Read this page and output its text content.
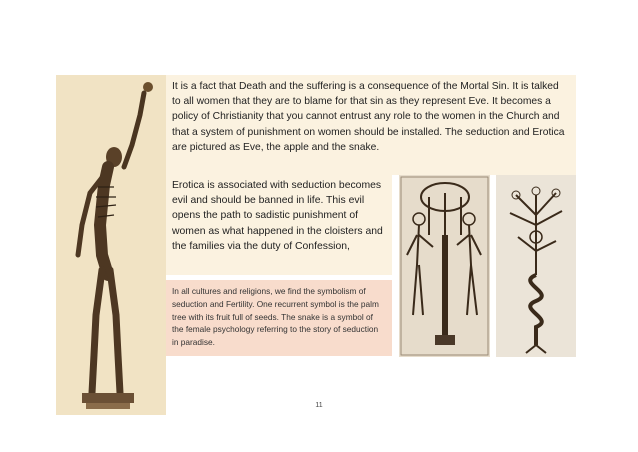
It is a fact that Death and the suffering is a consequence of the Mortal Sin. It is talked to all women that they are to blame for that sin as they represent Eve. It becomes a policy of Christianity that you cannot entrust any role to the women in the Church and that a system of punishment on women should be installed. The seduction and Erotica are pictured as Eve, the apple and the snake.
Erotica is associated with seduction becomes evil and should be banned in life. This evil opens the path to sadistic punishment of women as what happened in the cloisters and the families via the duty of Confession,
In all cultures and religions, we find the symbolism of seduction and Fertility. One recurrent symbol is the palm tree with its fruit full of seeds. The snake is a symbol of the female psychology referring to the story of seduction in paradise.
11
